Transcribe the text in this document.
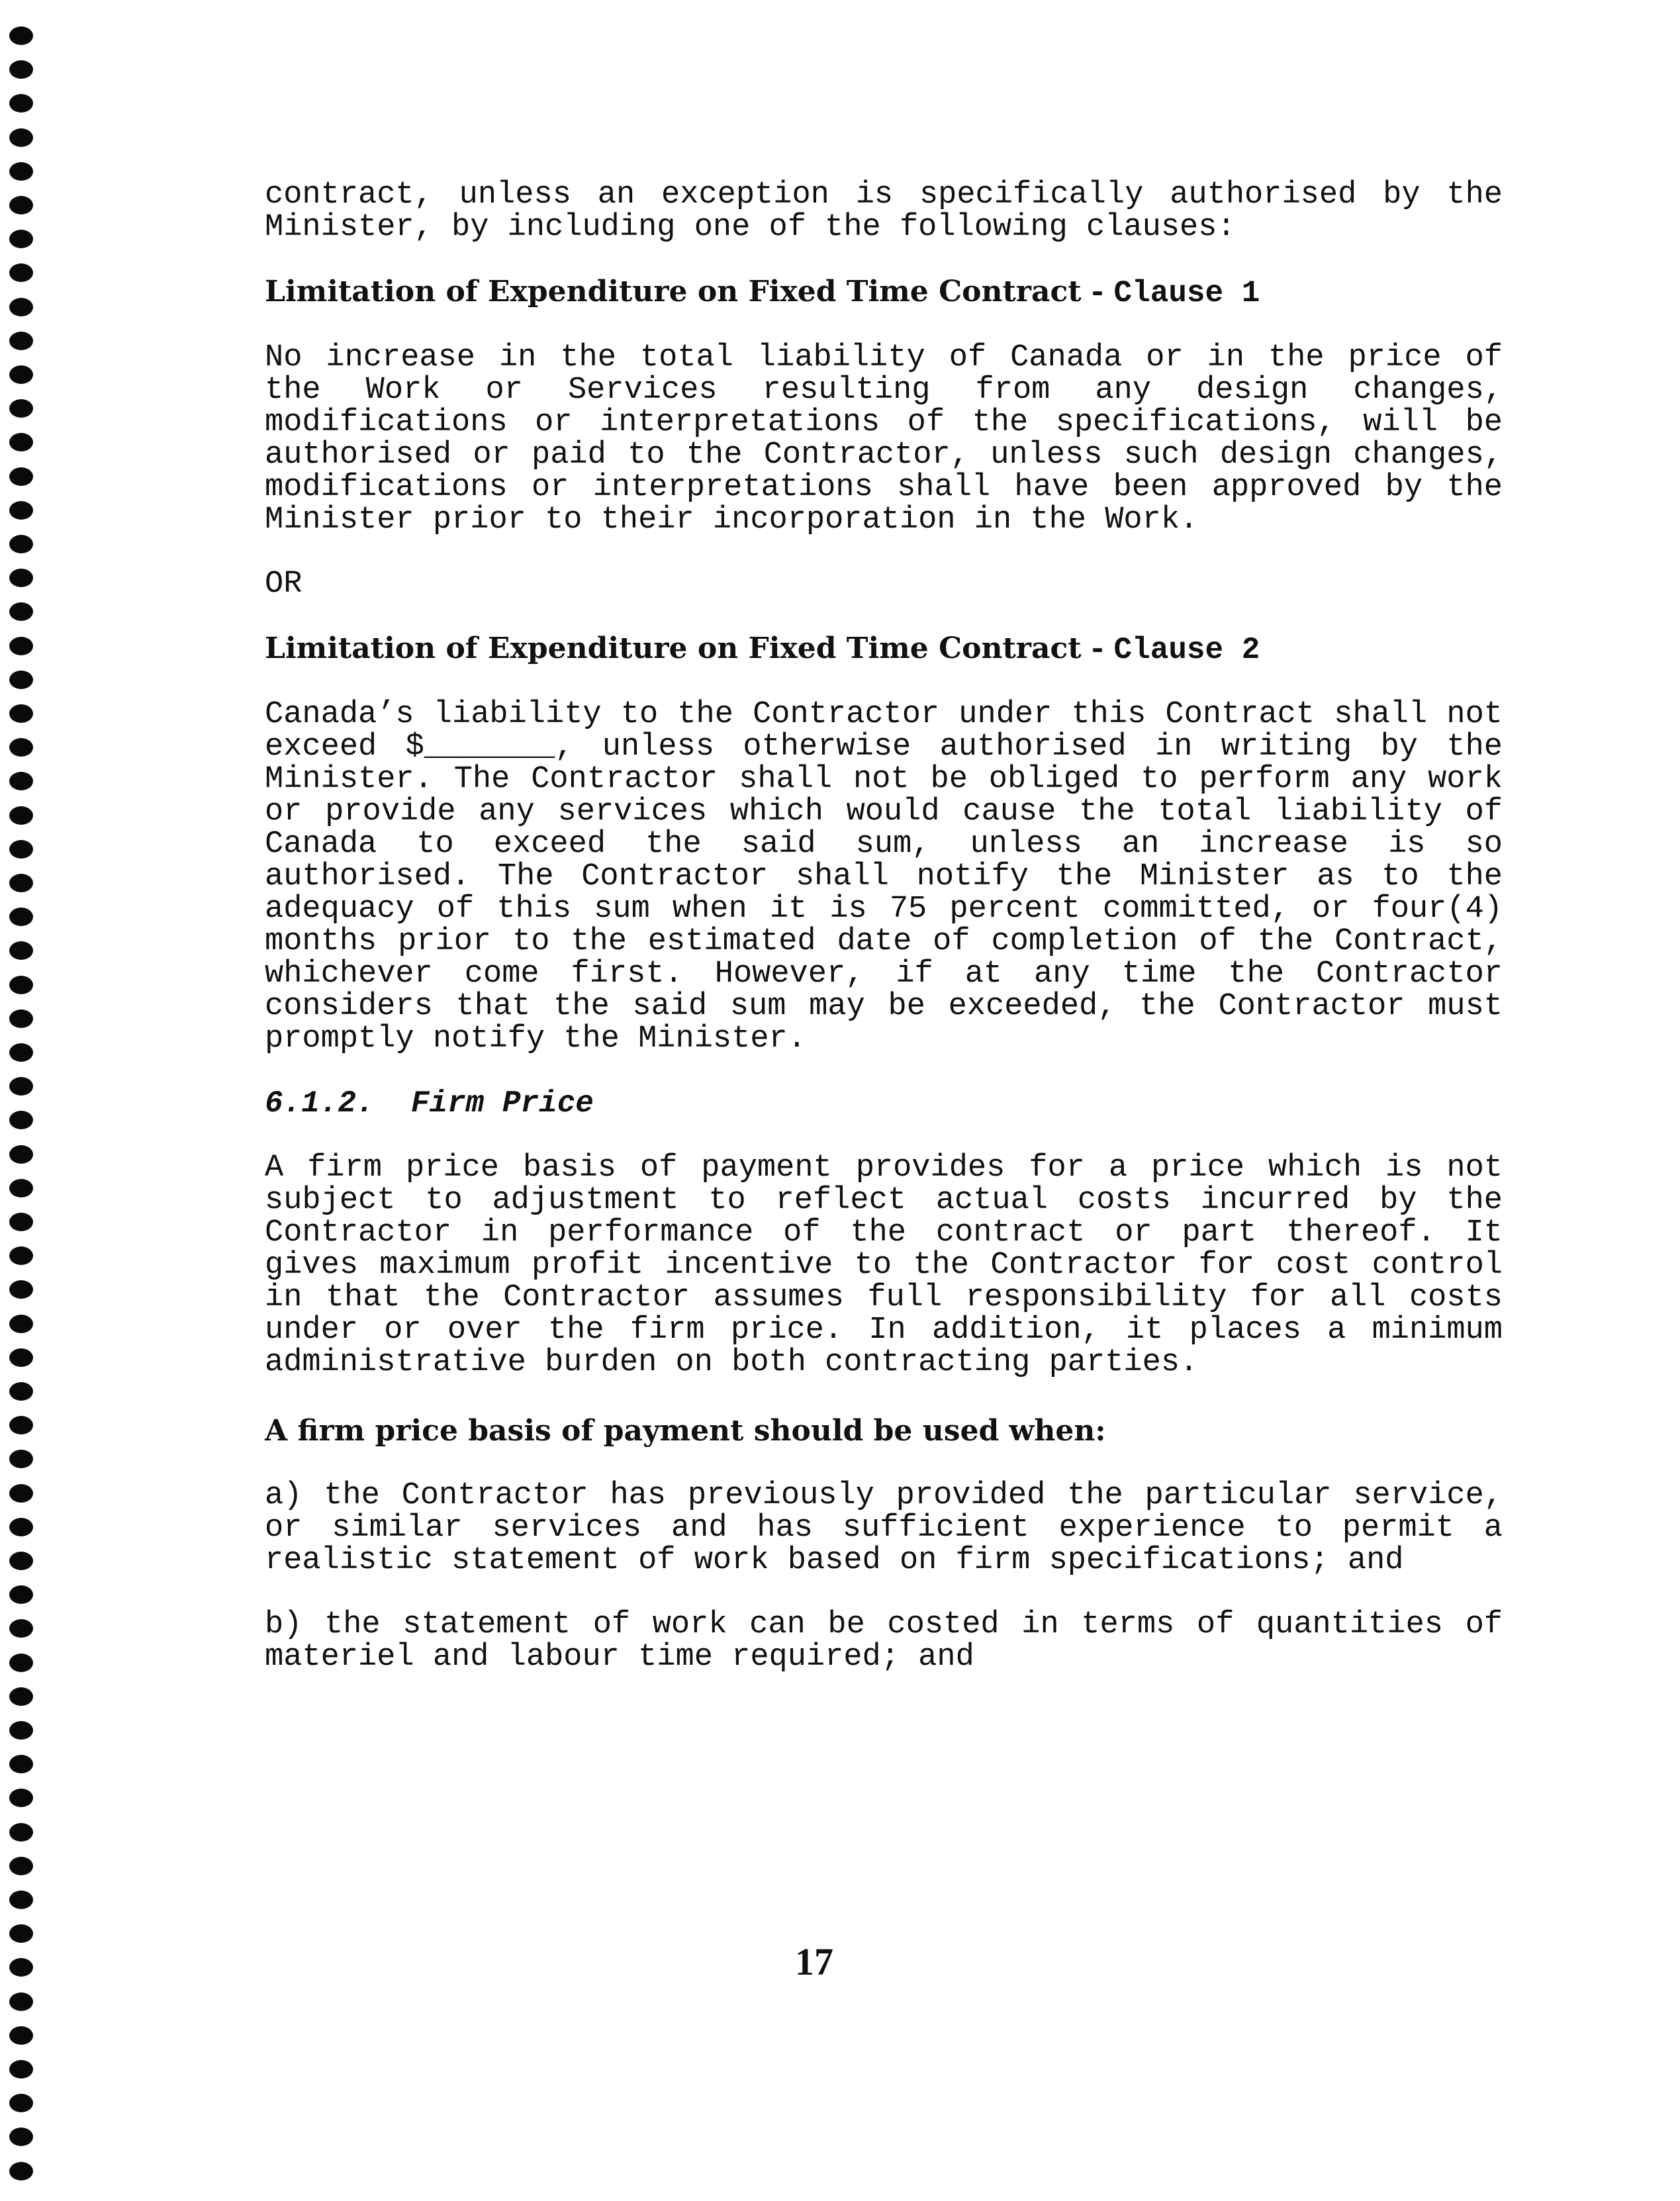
contract, unless an exception is specifically authorised by the Minister, by including one of the following clauses:

Limitation of Expenditure on Fixed Time Contract - Clause 1

No increase in the total liability of Canada or in the price of the Work or Services resulting from any design changes, modifications or interpretations of the specifications, will be authorised or paid to the Contractor, unless such design changes, modifications or interpretations shall have been approved by the Minister prior to their incorporation in the Work.

OR

Limitation of Expenditure on Fixed Time Contract - Clause 2

Canada’s liability to the Contractor under this Contract shall not exceed $_______, unless otherwise authorised in writing by the Minister. The Contractor shall not be obliged to perform any work or provide any services which would cause the total liability of Canada to exceed the said sum, unless an increase is so authorised. The Contractor shall notify the Minister as to the adequacy of this sum when it is 75 percent committed, or four(4) months prior to the estimated date of completion of the Contract, whichever come first. However, if at any time the Contractor considers that the said sum may be exceeded, the Contractor must promptly notify the Minister.

6.1.2. Firm Price

A firm price basis of payment provides for a price which is not subject to adjustment to reflect actual costs incurred by the Contractor in performance of the contract or part thereof. It gives maximum profit incentive to the Contractor for cost control in that the Contractor assumes full responsibility for all costs under or over the firm price. In addition, it places a minimum administrative burden on both contracting parties.

A firm price basis of payment should be used when:

a) the Contractor has previously provided the particular service, or similar services and has sufficient experience to permit a realistic statement of work based on firm specifications; and

b) the statement of work can be costed in terms of quantities of materiel and labour time required; and

17
